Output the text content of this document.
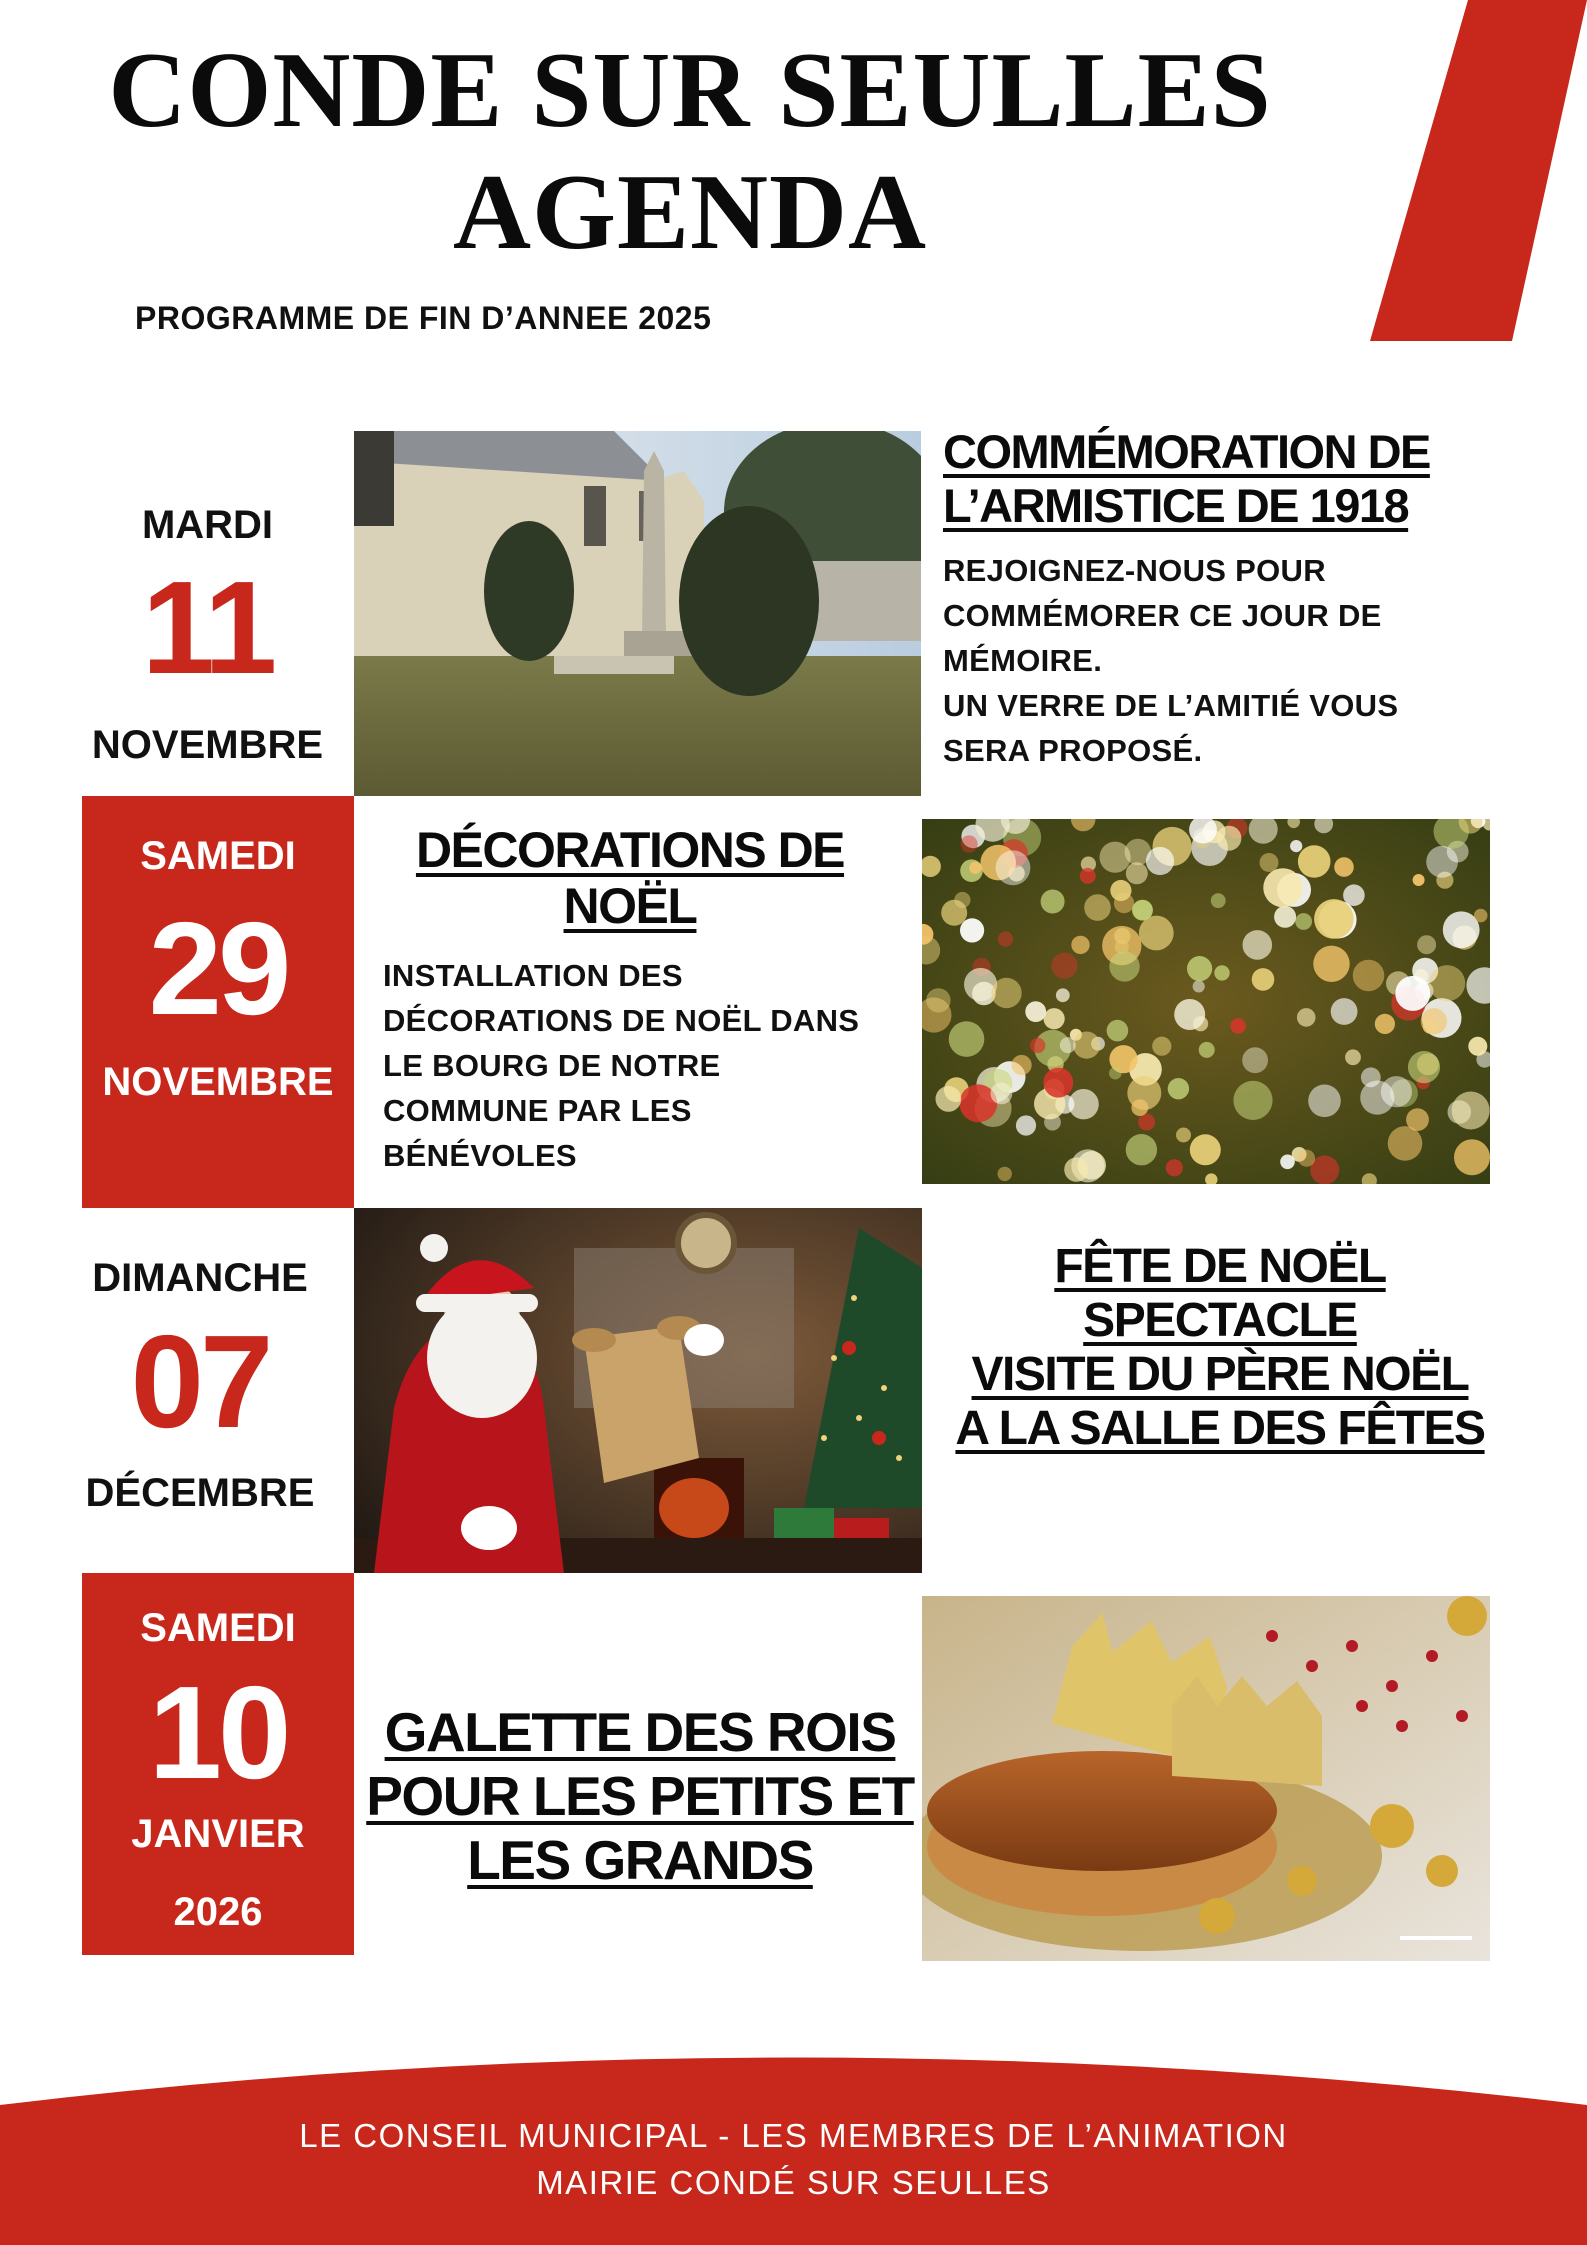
CONDE SUR SEULLES
AGENDA
PROGRAMME DE FIN D’ANNEE 2025
MARDI
11
NOVEMBRE
COMMÉMORATION DE
L’ARMISTICE DE 1918
REJOIGNEZ-NOUS POUR
COMMÉMORER CE JOUR DE
MÉMOIRE.
UN VERRE DE L’AMITIÉ VOUS
SERA PROPOSÉ.
SAMEDI
29
NOVEMBRE
DÉCORATIONS DE
NOËL
INSTALLATION DES
DÉCORATIONS DE NOËL DANS
LE BOURG DE NOTRE
COMMUNE PAR LES
BÉNÉVOLES
DIMANCHE
07
DÉCEMBRE
FÊTE DE NOËL
SPECTACLE
VISITE DU PÈRE NOËL
A LA SALLE DES FÊTES
SAMEDI
10
JANVIER
2026
GALETTE DES ROIS
POUR LES PETITS ET
LES GRANDS
LE CONSEIL MUNICIPAL - LES MEMBRES DE L’ANIMATION
MAIRIE CONDÉ SUR SEULLES
